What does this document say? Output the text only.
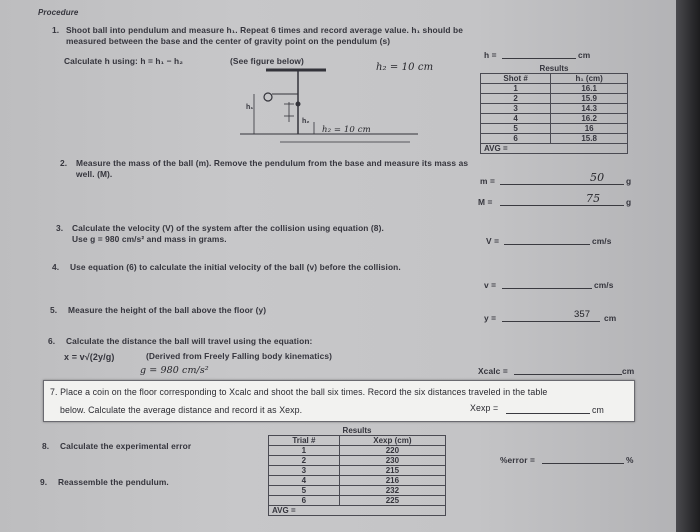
Procedure
1. Shoot ball into pendulum and measure h₁. Repeat 6 times and record average value. h₁ should be
measured between the base and the center of gravity point on the pendulum (s)
Calculate h using: h = h₁ − h₂	(See figure below)
h =	cm
h₂ = 10 cm
h₁
h₂
h₂ = 10 cm
Results	
Shot #	h₁ (cm)
1	16.1
2	15.9
3	14.3
4	16.2
5	16
6	15.8
AVG =	
2. Measure the mass of the ball (m). Remove the pendulum from the base and measure its mass as
well. (M).
m =	50	g
M =	75	g
3. Calculate the velocity (V) of the system after the collision using equation (8).
Use g = 980 cm/s² and mass in grams.	V =	cm/s
4. Use equation (6) to calculate the initial velocity of the ball (v) before the collision.
v =	cm/s
5. Measure the height of the ball above the floor (y)
y =	357 cm
6. Calculate the distance the ball will travel using the equation:
x = v√(2y/g)	(Derived from Freely Falling body kinematics)
g = 980 cm/s²	Xcalc =	cm
7. Place a coin on the floor corresponding to Xcalc and shoot the ball six times. Record the six distances traveled in the table
below. Calculate the average distance and record it as Xexp.	Xexp =	cm
Results	
Trial #	Xexp (cm)
1	220
2	230
3	215
4	216
5	232
6	225
AVG =	
8. Calculate the experimental error
%error =	%
9. Reassemble the pendulum.
